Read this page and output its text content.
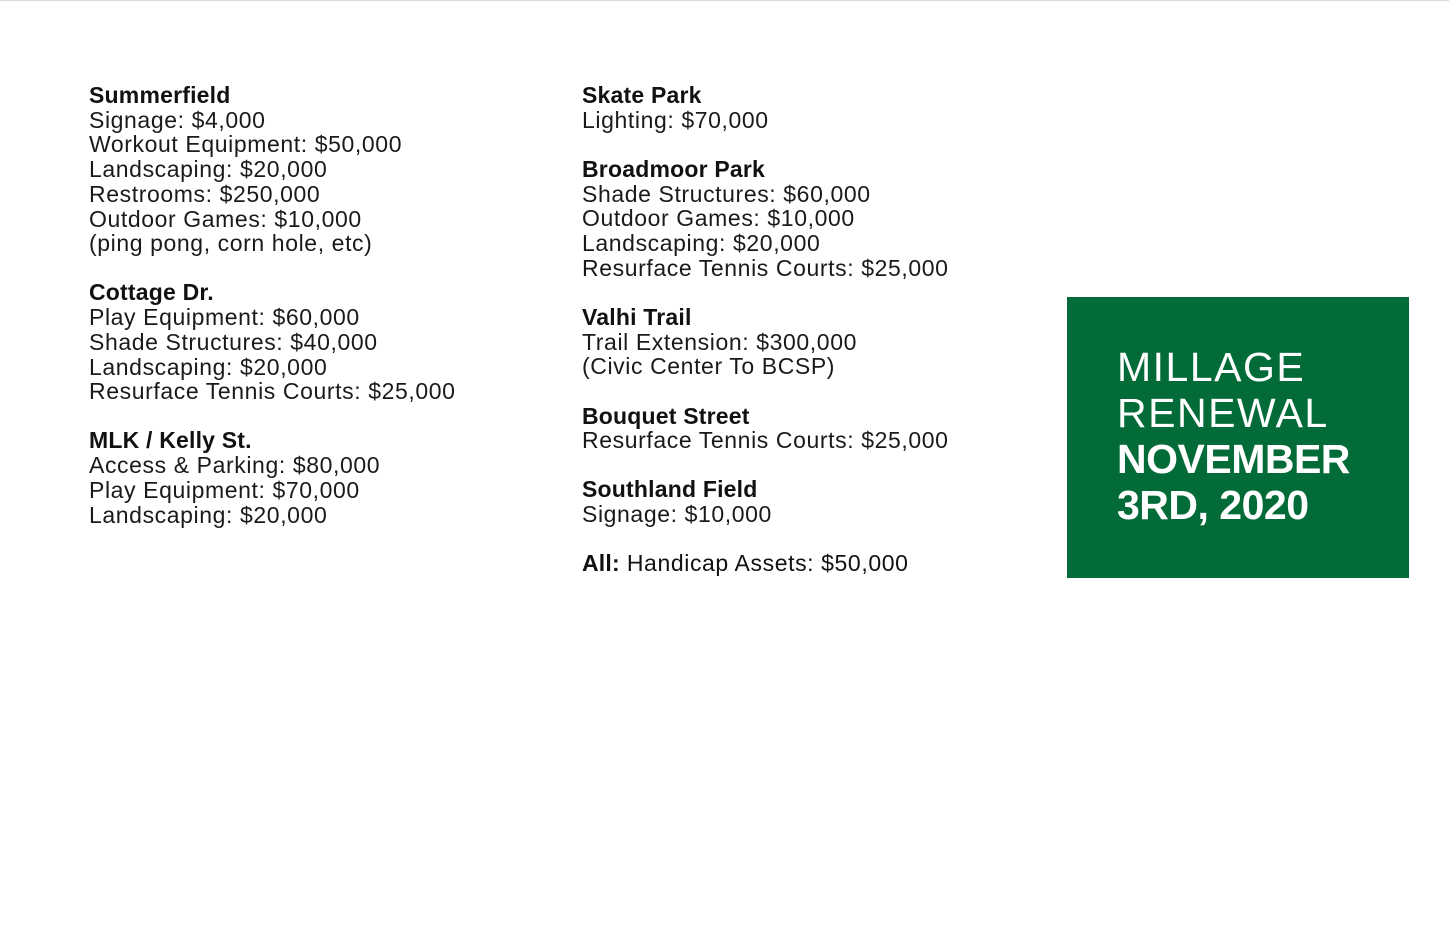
Summerfield
Signage: $4,000
Workout Equipment: $50,000
Landscaping: $20,000
Restrooms: $250,000
Outdoor Games: $10,000
(ping pong, corn hole, etc)
Cottage Dr.
Play Equipment: $60,000
Shade Structures: $40,000
Landscaping: $20,000
Resurface Tennis Courts: $25,000
MLK / Kelly St.
Access & Parking: $80,000
Play Equipment: $70,000
Landscaping: $20,000
Skate Park
Lighting: $70,000
Broadmoor Park
Shade Structures: $60,000
Outdoor Games: $10,000
Landscaping: $20,000
Resurface Tennis Courts: $25,000
Valhi Trail
Trail Extension: $300,000
(Civic Center To BCSP)
Bouquet Street
Resurface Tennis Courts: $25,000
Southland Field
Signage: $10,000
All: Handicap Assets: $50,000
MILLAGE
RENEWAL
NOVEMBER
3RD, 2020
